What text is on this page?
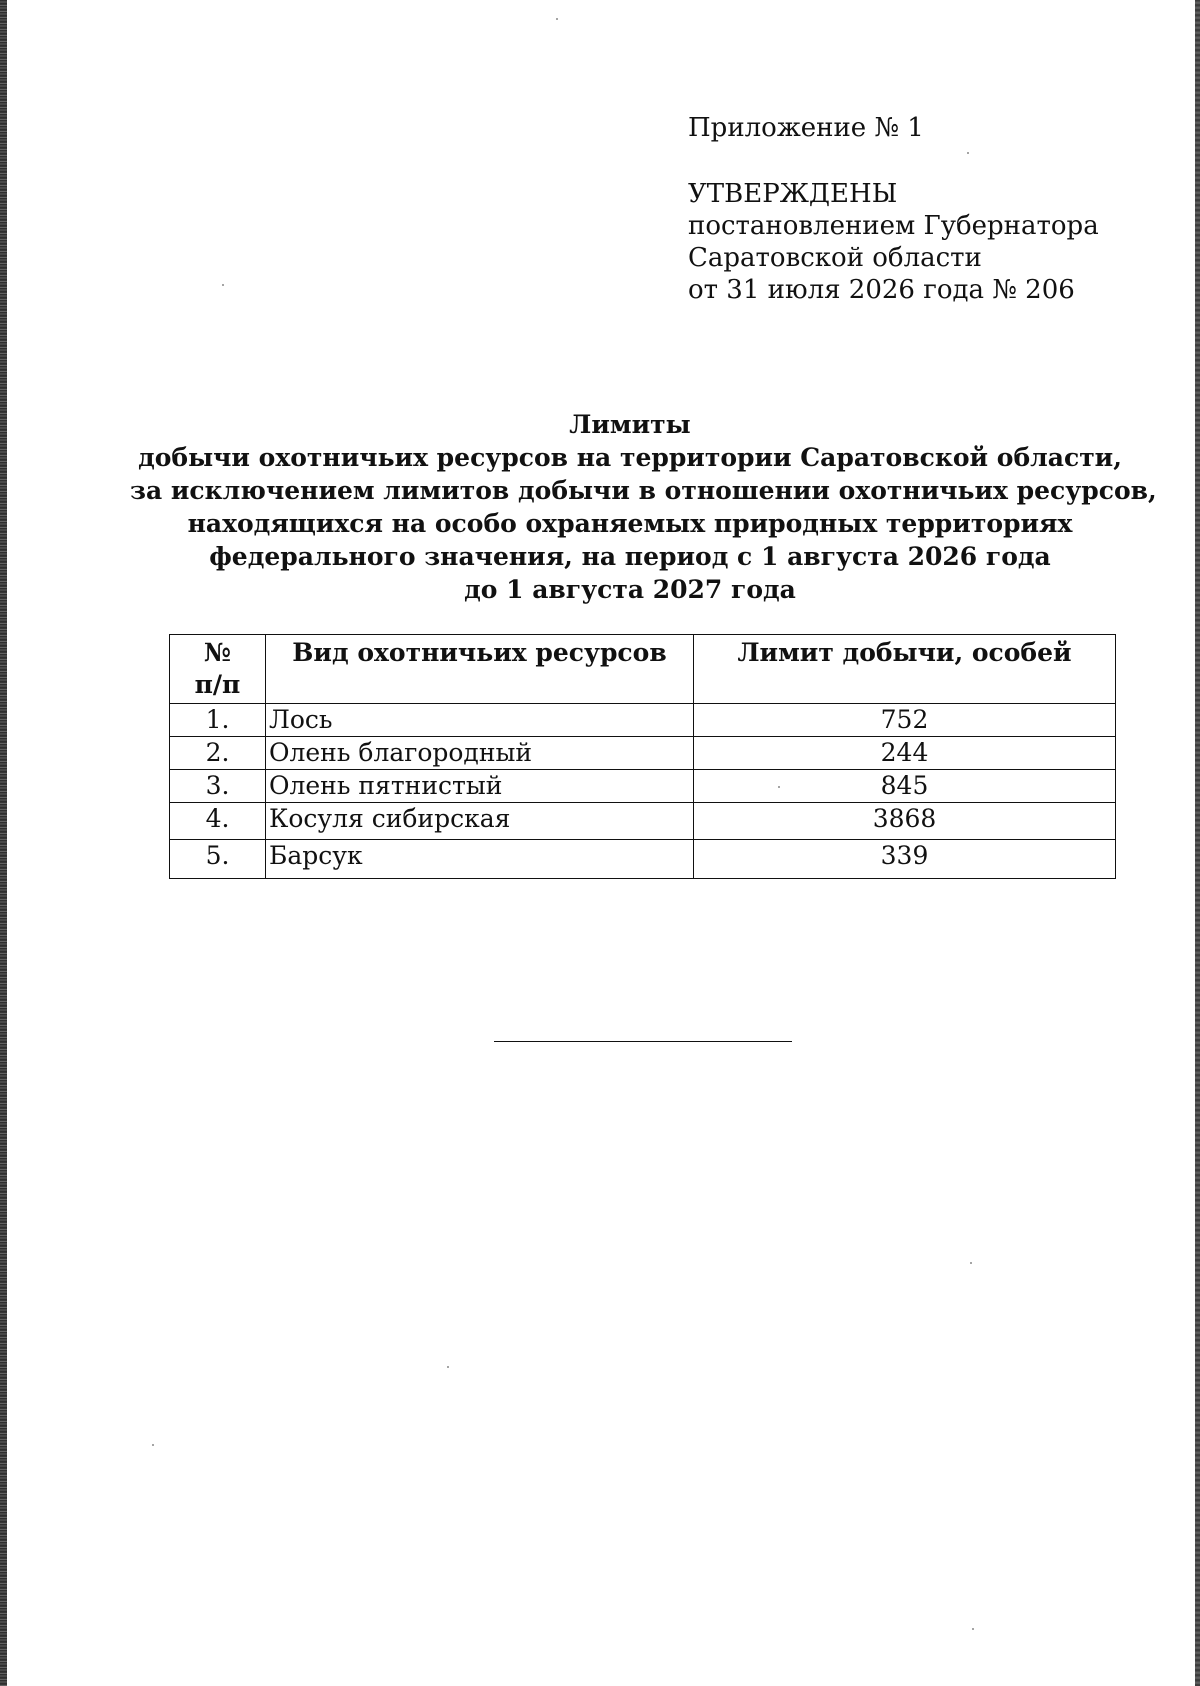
Приложение № 1
УТВЕРЖДЕНЫ
постановлением Губернатора
Саратовской области
от 31 июля 2026 года № 206
Лимиты
добычи охотничьих ресурсов на территории Саратовской области,
за исключением лимитов добычи в отношении охотничьих ресурсов,
находящихся на особо охраняемых природных территориях
федерального значения, на период с 1 августа 2026 года
до 1 августа 2027 года
№
п/п	Вид охотничьих ресурсов	Лимит добычи, особей
1.	Лось	752
2.	Олень благородный	244
3.	Олень пятнистый	845
4.	Косуля сибирская	3868
5.	Барсук	339
